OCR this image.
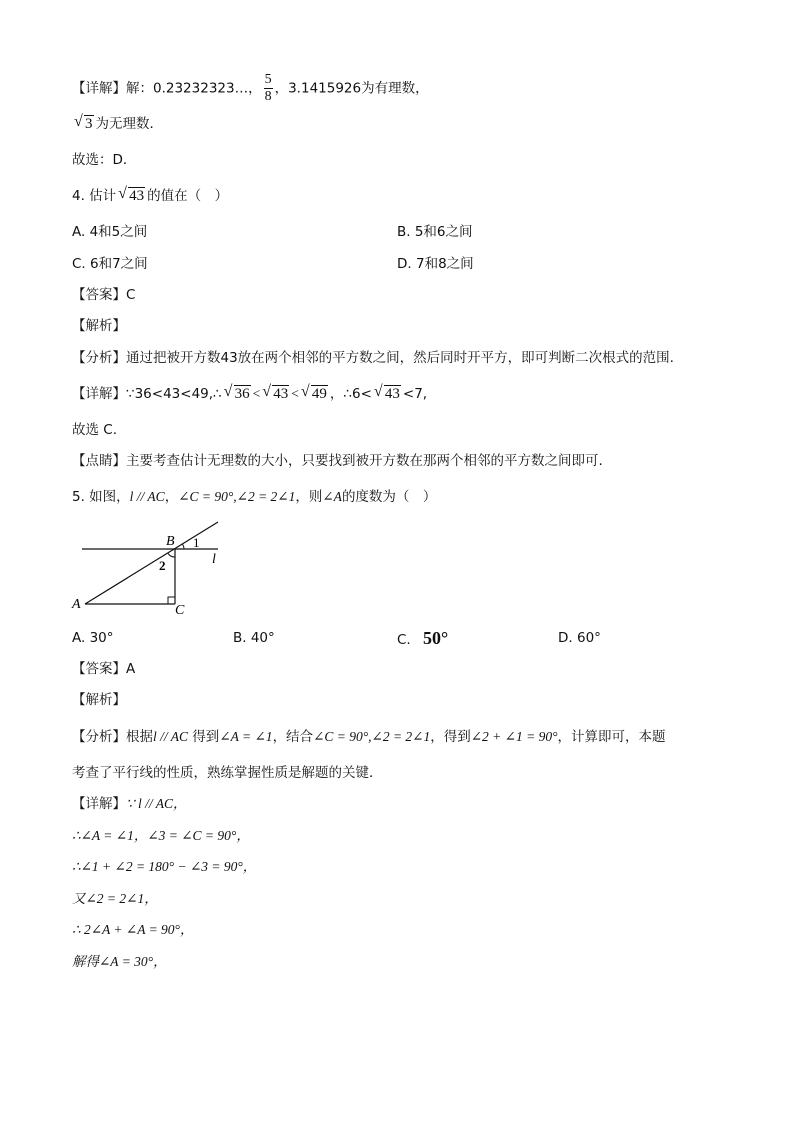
【详解】解：0.23232323…， $\frac{5}{8}$ ，3.1415926为有理数，
√ 3 为无理数．
故选：D．
4. 估计 √ 43 的值在（　）
A. 4和5之间	B. 5和6之间
C. 6和7之间	D. 7和8之间
【答案】C
【解析】
【分析】通过把被开方数43放在两个相邻的平方数之间，然后同时开平方，即可判断二次根式的范围.
【详解】∵36<43<49,∴ √ 36 < √ 43 < √ 49 ，∴6< √ 43 <7,
故选 C.
【点睛】主要考查估计无理数的大小，只要找到被开方数在那两个相邻的平方数之间即可.
5. 如图，l // AC，∠C = 90°,∠2 = 2∠1，则∠A的度数为（　）
B 1
l
2
A	C
A. 30°	B. 40°	C. 50°	D. 60°
【答案】A
【解析】
【分析】根据l // AC 得到∠A = ∠1，结合∠C = 90°,∠2 = 2∠1，得到∠2 + ∠1 = 90°，计算即可，本题
考查了平行线的性质，熟练掌握性质是解题的关键．
【详解】∵ l // AC，
∴∠A = ∠1，∠3 = ∠C = 90°，
∴∠1 + ∠2 = 180° − ∠3 = 90°，
又∠2 = 2∠1，
∴ 2∠A + ∠A = 90°，
解得∠A = 30°，
